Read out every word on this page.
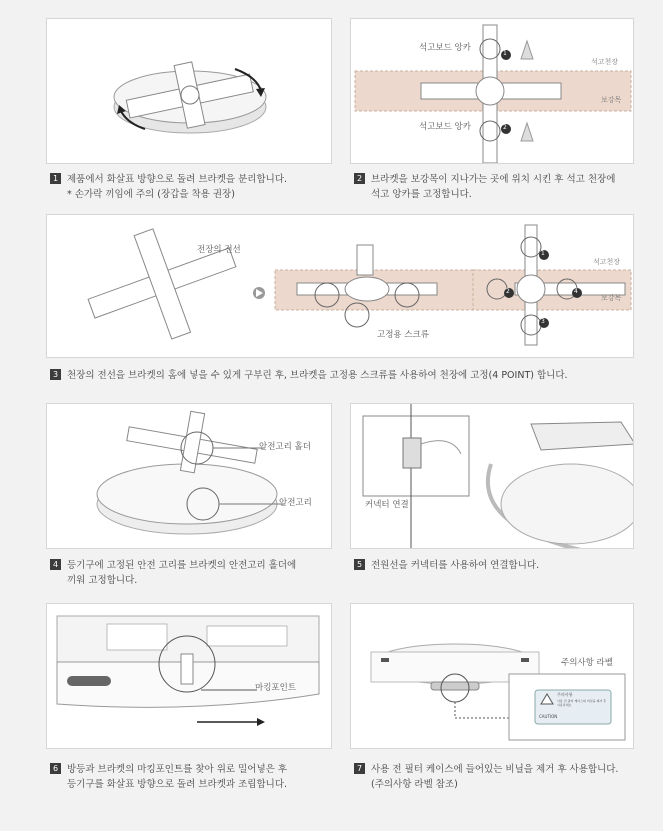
1 제품에서 화살표 방향으로 돌려 브라켓을 분리합니다.
* 손가락 끼임에 주의 (장갑을 착용 권장)
석고보드 앙카
석고보드 앙카
석고천장
보강목
1
2
2 브라켓을 보강목이 지나가는 곳에 위치 시킨 후 석고 천장에
석고 앙카를 고정합니다.
전장의 전선
고정용 스크류
석고천장
보강목
1
2
3
4
3 천장의 전선을 브라켓의 홈에 넣을 수 있게 구부린 후, 브라켓을 고정용 스크류를 사용하여 천장에 고정(4 POINT) 합니다.
안전고리 홀더
안전고리
4 등기구에 고정된 안전 고리를 브라켓의 안전고리 홀더에
끼워 고정합니다.
커넥터 연결
5 전원선을 커넥터를 사용하여 연결합니다.
마킹포인트
6 방등과 브라켓의 마킹포인트를 찾아 위로 밀어넣은 후
등기구를 화살표 방향으로 돌려 브라켓과 조립합니다.
주의사항 라벨
주의사항
사용 전 필터 케이스의 비닐을 제거 후 사용하세요
CAUTION
7 사용 전 필터 케이스에 들어있는 비닐을 제거 후 사용합니다.
(주의사항 라벨 참조)
